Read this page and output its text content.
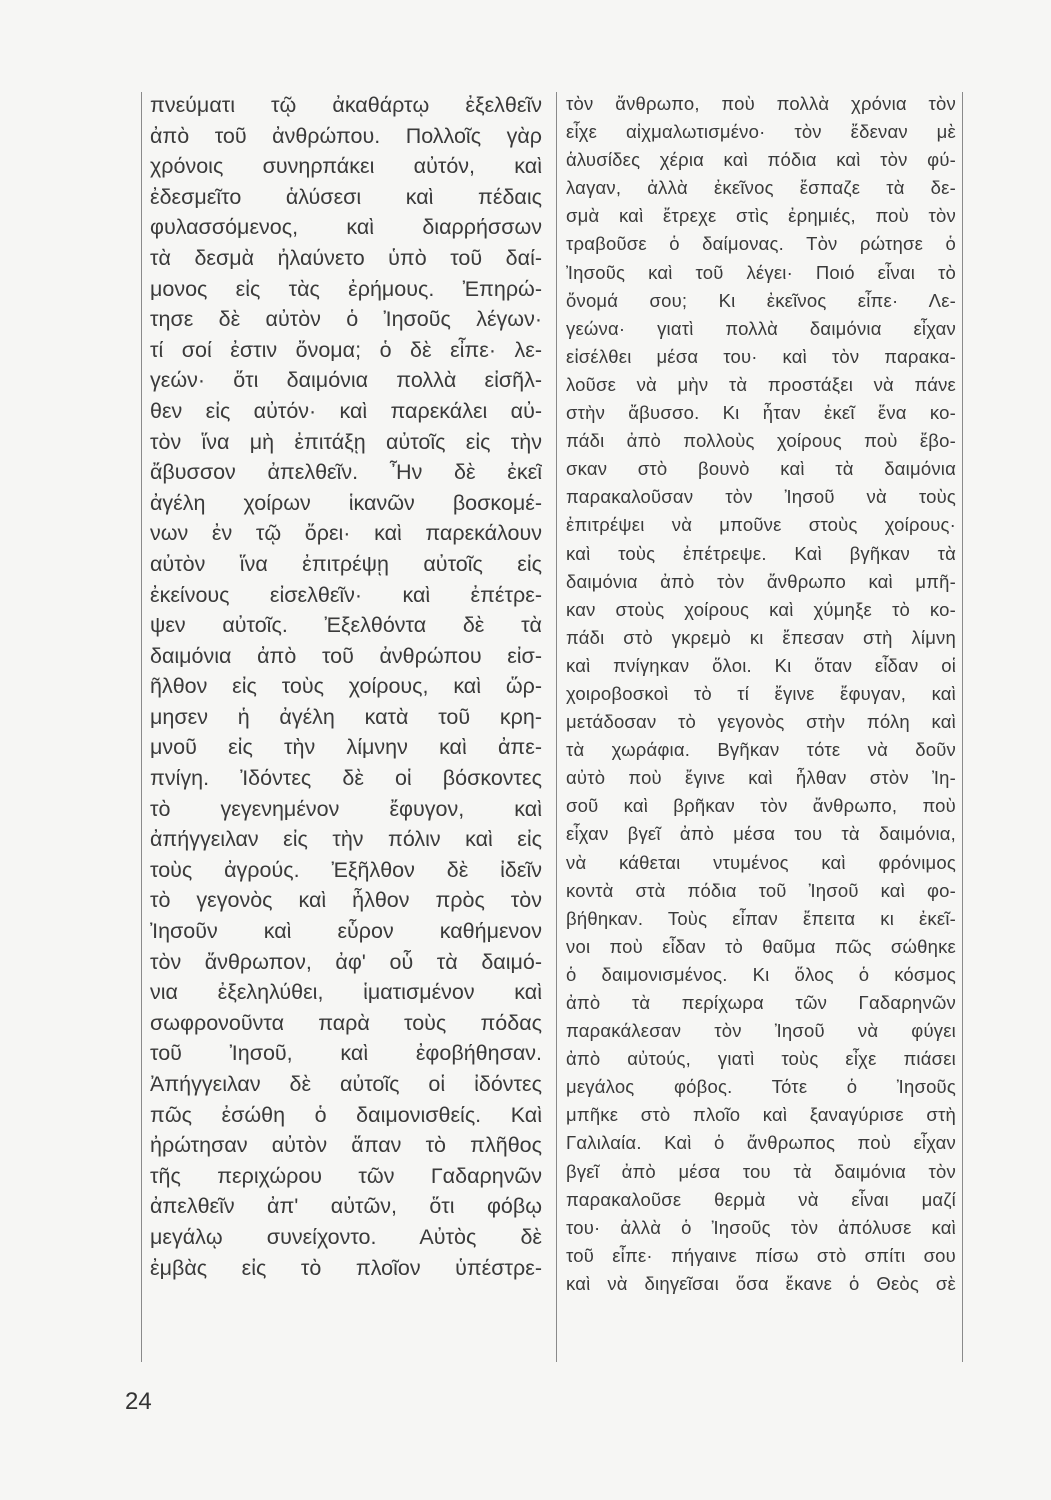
πνεύματι τῷ ἀκαθάρτῳ ἐξελθεῖν
ἀπὸ τοῦ ἀνθρώπου. Πολλοῖς γὰρ
χρόνοις συνηρπάκει αὐτόν, καὶ
ἐδεσμεῖτο ἁλύσεσι καὶ πέδαις
φυλασσόμενος, καὶ διαρρήσσων
τὰ δεσμὰ ἠλαύνετο ὑπὸ τοῦ δαί-
μονος εἰς τὰς ἐρήμους. Ἐπηρώ-
τησε δὲ αὐτὸν ὁ Ἰησοῦς λέγων·
τί σοί ἐστιν ὄνομα; ὁ δὲ εἶπε· λε-
γεών· ὅτι δαιμόνια πολλὰ εἰσῆλ-
θεν εἰς αὐτόν· καὶ παρεκάλει αὐ-
τὸν ἵνα μὴ ἐπιτάξῃ αὐτοῖς εἰς τὴν
ἄβυσσον ἀπελθεῖν. Ἦν δὲ ἐκεῖ
ἀγέλη χοίρων ἱκανῶν βοσκομέ-
νων ἐν τῷ ὄρει· καὶ παρεκάλουν
αὐτὸν ἵνα ἐπιτρέψῃ αὐτοῖς εἰς
ἐκείνους εἰσελθεῖν· καὶ ἐπέτρε-
ψεν αὐτοῖς. Ἐξελθόντα δὲ τὰ
δαιμόνια ἀπὸ τοῦ ἀνθρώπου εἰσ-
ῆλθον εἰς τοὺς χοίρους, καὶ ὥρ-
μησεν ἡ ἀγέλη κατὰ τοῦ κρη-
μνοῦ εἰς τὴν λίμνην καὶ ἀπε-
πνίγη. Ἰδόντες δὲ οἱ βόσκοντες
τὸ γεγενημένον ἔφυγον, καὶ
ἀπήγγειλαν εἰς τὴν πόλιν καὶ εἰς
τοὺς ἀγρούς. Ἐξῆλθον δὲ ἰδεῖν
τὸ γεγονὸς καὶ ἦλθον πρὸς τὸν
Ἰησοῦν καὶ εὗρον καθήμενον
τὸν ἄνθρωπον, ἀφ' οὗ τὰ δαιμό-
νια ἐξεληλύθει, ἱματισμένον καὶ
σωφρονοῦντα παρὰ τοὺς πόδας
τοῦ Ἰησοῦ, καὶ ἐφοβήθησαν.
Ἀπήγγειλαν δὲ αὐτοῖς οἱ ἰδόντες
πῶς ἐσώθη ὁ δαιμονισθείς. Καὶ
ἠρώτησαν αὐτὸν ἅπαν τὸ πλῆθος
τῆς περιχώρου τῶν Γαδαρηνῶν
ἀπελθεῖν ἀπ' αὐτῶν, ὅτι φόβῳ
μεγάλῳ συνείχοντο. Αὐτὸς δὲ
ἐμβὰς εἰς τὸ πλοῖον ὑπέστρε-
τὸν ἄνθρωπο, ποὺ πολλὰ χρόνια τὸν
εἶχε αἰχμαλωτισμένο· τὸν ἔδεναν μὲ
ἁλυσίδες χέρια καὶ πόδια καὶ τὸν φύ-
λαγαν, ἀλλὰ ἐκεῖνος ἔσπαζε τὰ δε-
σμὰ καὶ ἔτρεχε στὶς ἐρημιές, ποὺ τὸν
τραβοῦσε ὁ δαίμονας. Τὸν ρώτησε ὁ
Ἰησοῦς καὶ τοῦ λέγει· Ποιό εἶναι τὸ
ὄνομά σου; Κι ἐκεῖνος εἶπε· Λε-
γεώνα· γιατὶ πολλὰ δαιμόνια εἶχαν
εἰσέλθει μέσα του· καὶ τὸν παρακα-
λοῦσε νὰ μὴν τὰ προστάξει νὰ πάνε
στὴν ἄβυσσο. Κι ἦταν ἐκεῖ ἕνα κο-
πάδι ἀπὸ πολλοὺς χοίρους ποὺ ἔβο-
σκαν στὸ βουνὸ καὶ τὰ δαιμόνια
παρακαλοῦσαν τὸν Ἰησοῦ νὰ τοὺς
ἐπιτρέψει νὰ μποῦνε στοὺς χοίρους·
καὶ τοὺς ἐπέτρεψε. Καὶ βγῆκαν τὰ
δαιμόνια ἀπὸ τὸν ἄνθρωπο καὶ μπῆ-
καν στοὺς χοίρους καὶ χύμηξε τὸ κο-
πάδι στὸ γκρεμὸ κι ἔπεσαν στὴ λίμνη
καὶ πνίγηκαν ὅλοι. Κι ὅταν εἶδαν οἱ
χοιροβοσκοὶ τὸ τί ἔγινε ἔφυγαν, καὶ
μετάδοσαν τὸ γεγονὸς στὴν πόλη καὶ
τὰ χωράφια. Βγῆκαν τότε νὰ δοῦν
αὐτὸ ποὺ ἔγινε καὶ ἦλθαν στὸν Ἰη-
σοῦ καὶ βρῆκαν τὸν ἄνθρωπο, ποὺ
εἶχαν βγεῖ ἀπὸ μέσα του τὰ δαιμόνια,
νὰ κάθεται ντυμένος καὶ φρόνιμος
κοντὰ στὰ πόδια τοῦ Ἰησοῦ καὶ φο-
βήθηκαν. Τοὺς εἶπαν ἔπειτα κι ἐκεῖ-
νοι ποὺ εἶδαν τὸ θαῦμα πῶς σώθηκε
ὁ δαιμονισμένος. Κι ὅλος ὁ κόσμος
ἀπὸ τὰ περίχωρα τῶν Γαδαρηνῶν
παρακάλεσαν τὸν Ἰησοῦ νὰ φύγει
ἀπὸ αὐτούς, γιατὶ τοὺς εἶχε πιάσει
μεγάλος φόβος. Τότε ὁ Ἰησοῦς
μπῆκε στὸ πλοῖο καὶ ξαναγύρισε στὴ
Γαλιλαία. Καὶ ὁ ἄνθρωπος ποὺ εἶχαν
βγεῖ ἀπὸ μέσα του τὰ δαιμόνια τὸν
παρακαλοῦσε θερμὰ νὰ εἶναι μαζί
του· ἀλλὰ ὁ Ἰησοῦς τὸν ἀπόλυσε καὶ
τοῦ εἶπε· πήγαινε πίσω στὸ σπίτι σου
καὶ νὰ διηγεῖσαι ὅσα ἔκανε ὁ Θεὸς σὲ
24
